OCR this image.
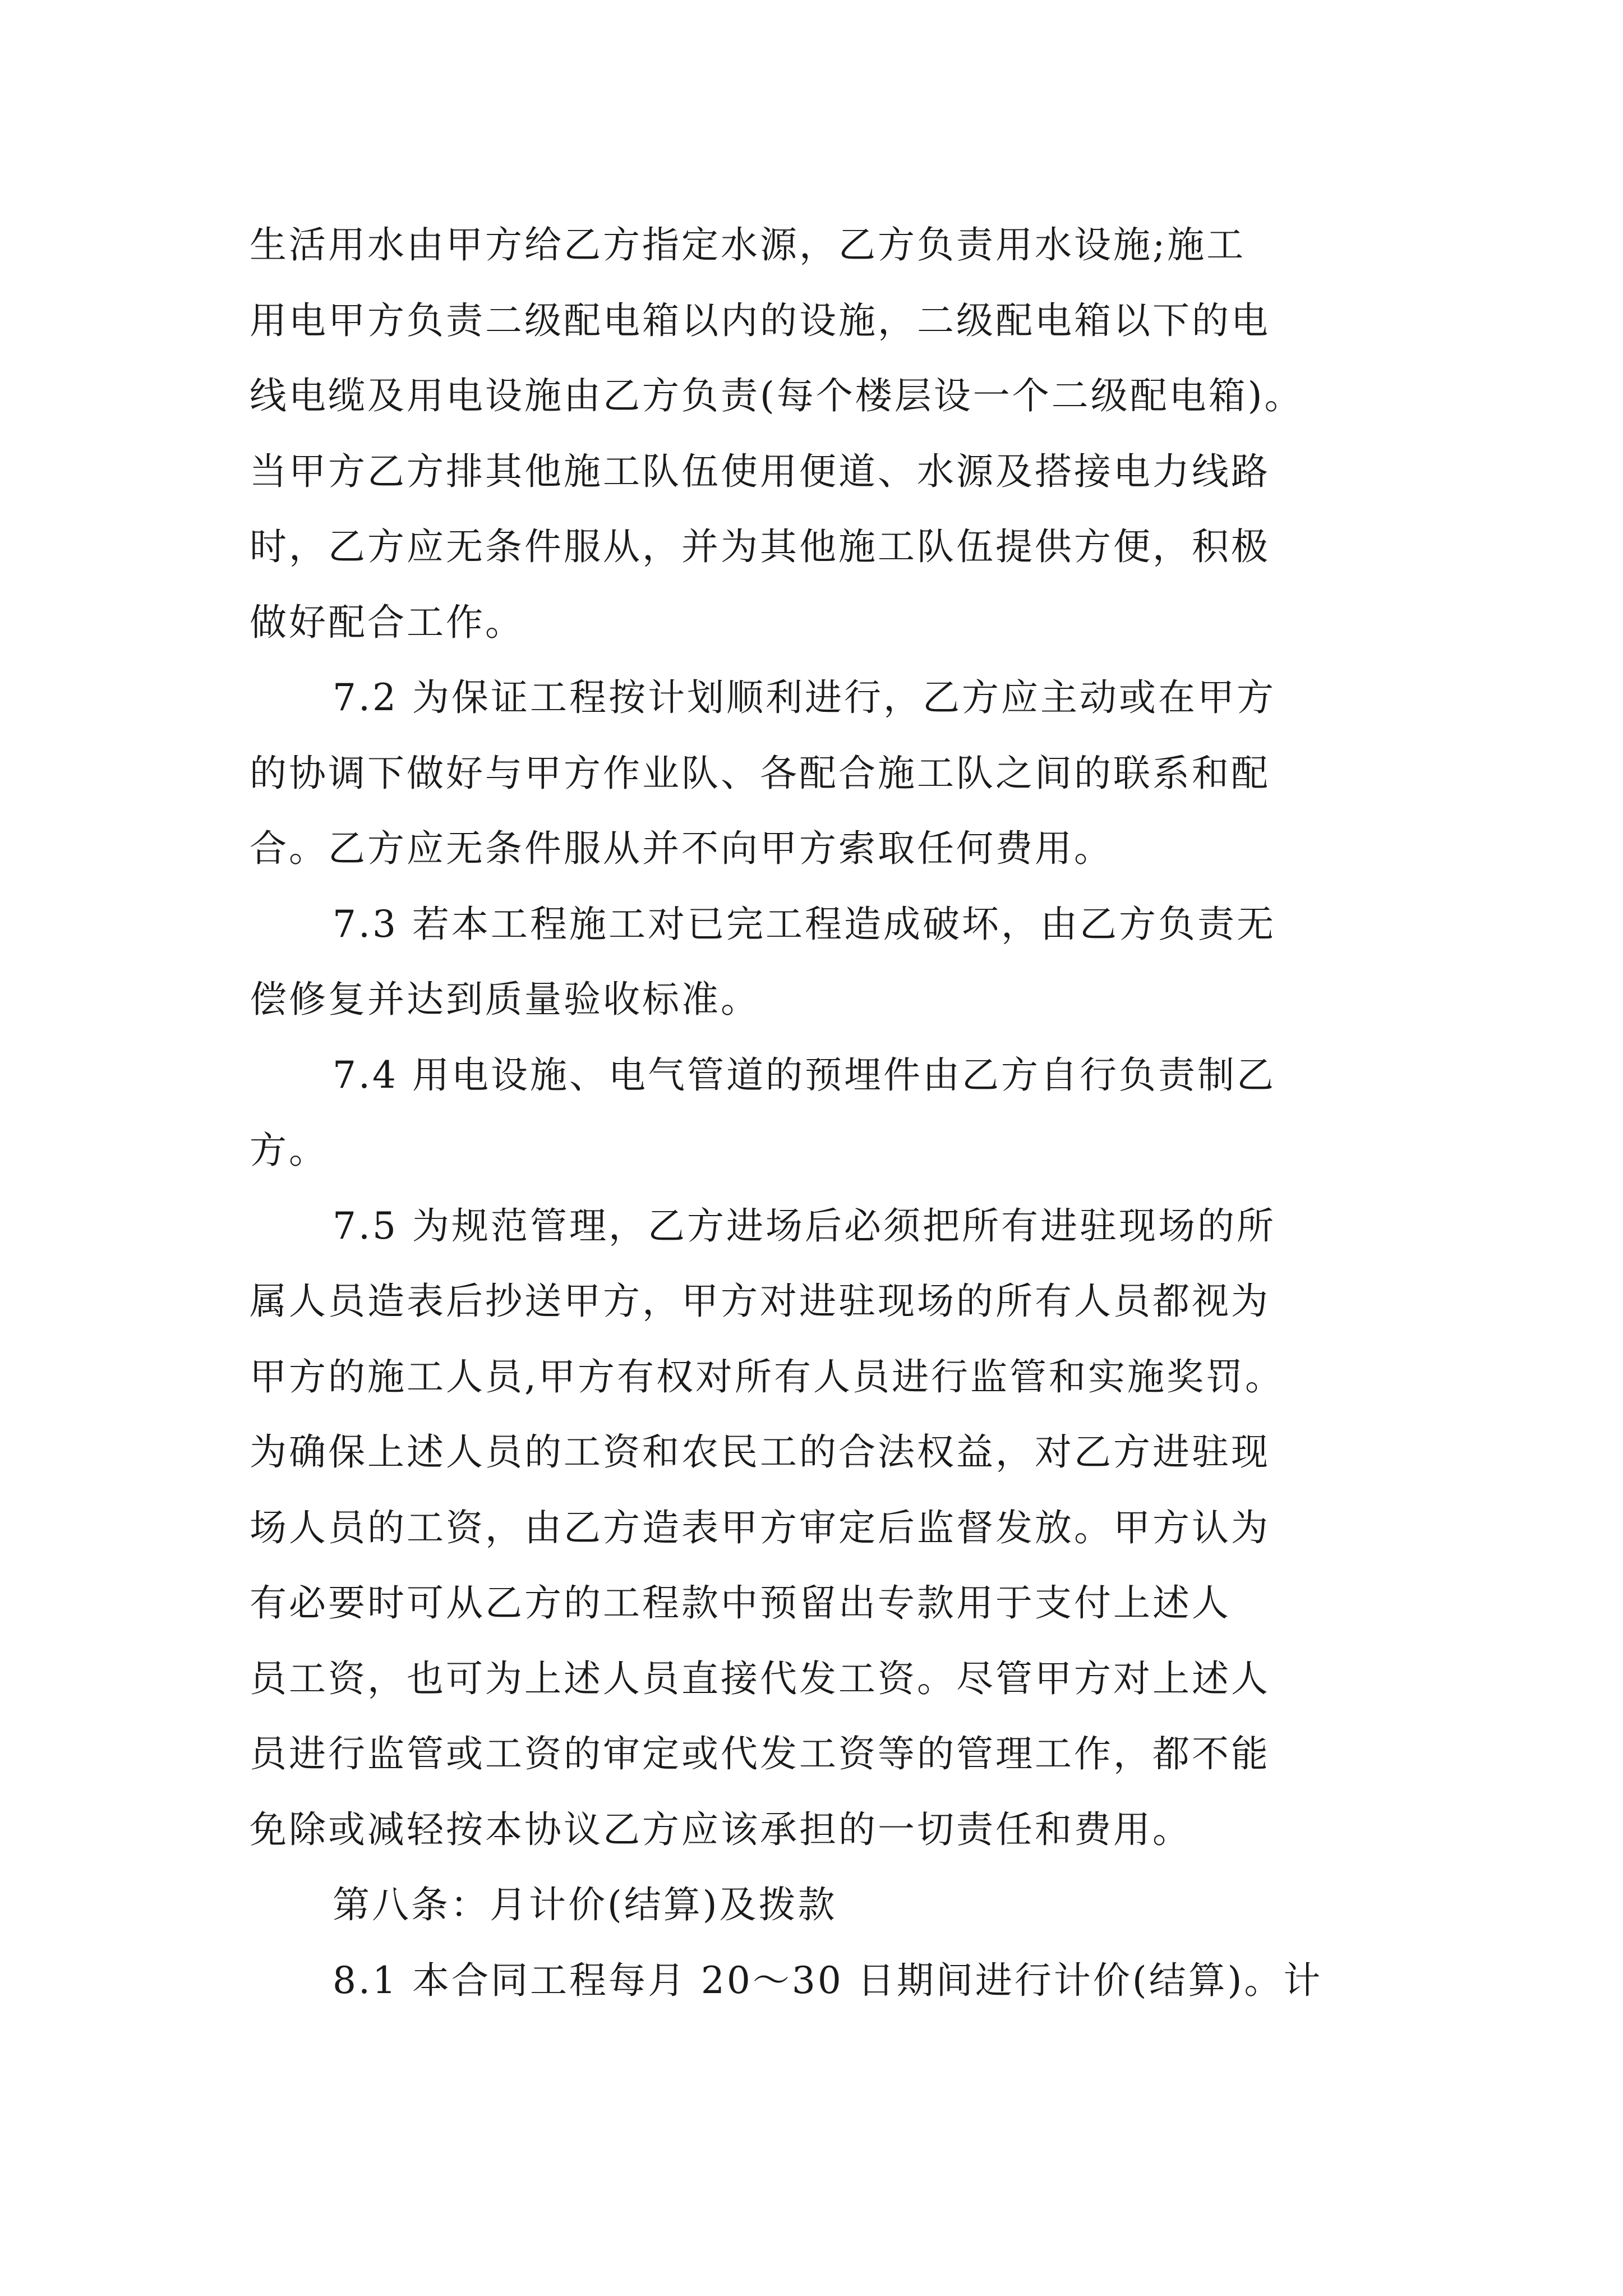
生活用水由甲方给乙方指定水源，乙方负责用水设施;施工
用电甲方负责二级配电箱以内的设施，二级配电箱以下的电
线电缆及用电设施由乙方负责(每个楼层设一个二级配电箱)。
当甲方乙方排其他施工队伍使用便道、水源及搭接电力线路
时，乙方应无条件服从，并为其他施工队伍提供方便，积极
做好配合工作。

7.2 为保证工程按计划顺利进行，乙方应主动或在甲方
的协调下做好与甲方作业队、各配合施工队之间的联系和配
合。乙方应无条件服从并不向甲方索取任何费用。

7.3 若本工程施工对已完工程造成破坏，由乙方负责无
偿修复并达到质量验收标准。

7.4 用电设施、电气管道的预埋件由乙方自行负责制乙
方。

7.5 为规范管理，乙方进场后必须把所有进驻现场的所
属人员造表后抄送甲方，甲方对进驻现场的所有人员都视为
甲方的施工人员,甲方有权对所有人员进行监管和实施奖罚。
为确保上述人员的工资和农民工的合法权益，对乙方进驻现
场人员的工资，由乙方造表甲方审定后监督发放。甲方认为
有必要时可从乙方的工程款中预留出专款用于支付上述人
员工资，也可为上述人员直接代发工资。尽管甲方对上述人
员进行监管或工资的审定或代发工资等的管理工作，都不能
免除或减轻按本协议乙方应该承担的一切责任和费用。

第八条：月计价(结算)及拨款

8.1 本合同工程每月 20～30 日期间进行计价(结算)。计
